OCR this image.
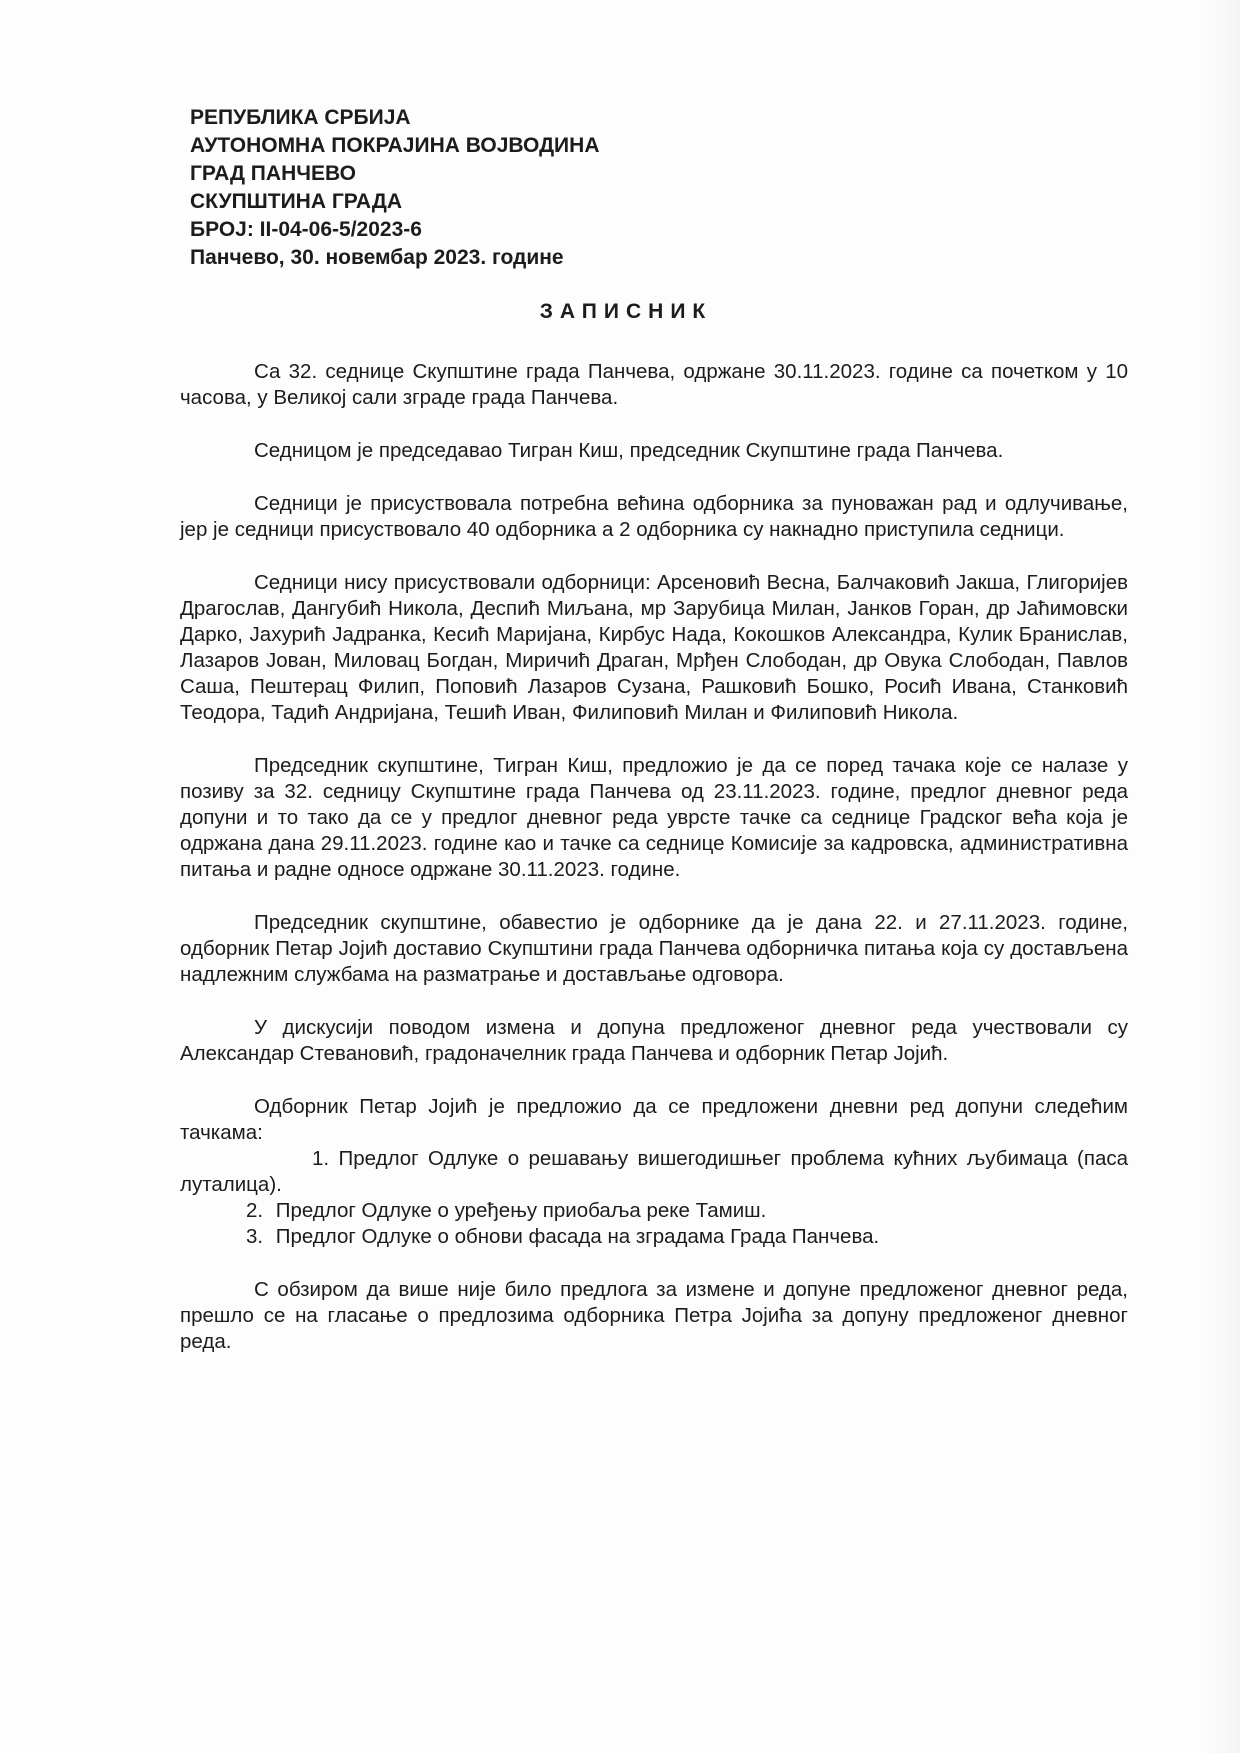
РЕПУБЛИКА СРБИЈА
АУТОНОМНА ПОКРАЈИНА ВОЈВОДИНА
ГРАД ПАНЧЕВО
СКУПШТИНА ГРАДА
БРОЈ: II-04-06-5/2023-6
Панчево, 30. новембар 2023. године
ЗАПИСНИК

Са 32. седнице Скупштине града Панчева, одржане 30.11.2023. године са почетком у 10 часова, у Великој сали зграде града Панчева.

Седницом је председавао Тигран Киш, председник Скупштине града Панчева.

Седници је присуствовала потребна већина одборника за пуноважан рад и одлучивање, јер је седници присуствовало 40 одборника а 2 одборника су накнадно приступила седници.

Седници нису присуствовали одборници: Арсеновић Весна, Балчаковић Јакша, Глигоријев Драгослав, Дангубић Никола, Деспић Миљана, мр Зарубица Милан, Јанков Горан, др Јаћимовски Дарко, Јахурић Јадранка, Кесић Маријана, Кирбус Нада, Кокошков Александра, Кулик Бранислав, Лазаров Јован, Миловац Богдан, Миричић Драган, Мрђен Слободан, др Овука Слободан, Павлов Саша, Пештерац Филип, Поповић Лазаров Сузана, Рашковић Бошко, Росић Ивана, Станковић Теодора, Тадић Андријана, Тешић Иван, Филиповић Милан и Филиповић Никола.

Председник скупштине, Тигран Киш, предложио је да се поред тачака које се налазе у позиву за 32. седницу Скупштине града Панчева од 23.11.2023. године, предлог дневног реда допуни и то тако да се у предлог дневног реда уврсте тачке са седнице Градског већа која је одржана дана 29.11.2023. године као и тачке са седнице Комисије за кадровска, административна питања и радне односе одржане 30.11.2023. године.

Председник скупштине, обавестио је одборнике да је дана 22. и 27.11.2023. године, одборник Петар Јојић доставио Скупштини града Панчева одборничка питања која су достављена надлежним службама на разматрање и достављање одговора.

У дискусији поводом измена и допуна предложеног дневног реда учествовали су Александар Стевановић, градоначелник града Панчева и одборник Петар Јојић.

Одборник Петар Јојић је предложио да се предложени дневни ред допуни следећим тачкама:

1. Предлог Одлуке о решавању вишегодишњег проблема кућних љубимаца (паса луталица).
2. Предлог Одлуке о уређењу приобаља реке Тамиш.
3. Предлог Одлуке о обнови фасада на зградама Града Панчева.

С обзиром да више није било предлога за измене и допуне предложеног дневног реда, прешло се на гласање о предлозима одборника Петра Јојића за допуну предложеног дневног реда.
